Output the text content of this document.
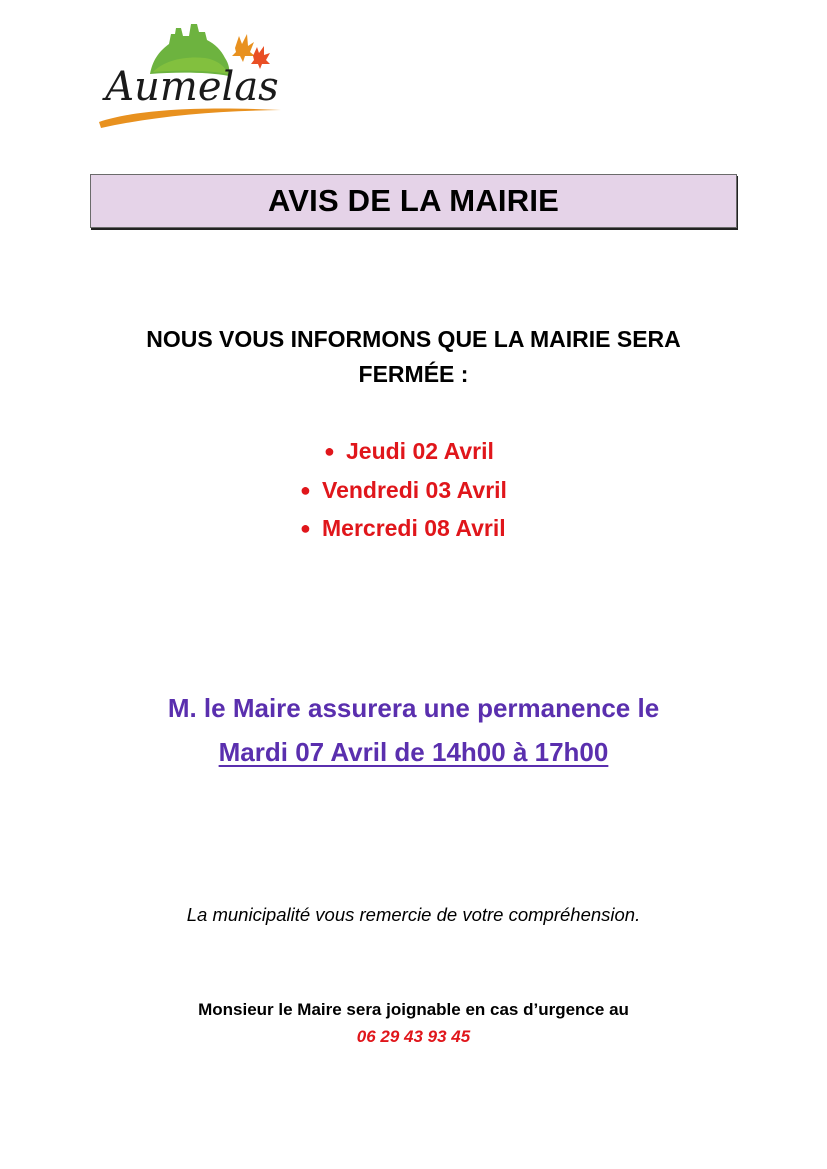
Aumelas
AVIS DE LA MAIRIE
NOUS VOUS INFORMONS QUE LA MAIRIE SERA
FERMÉE :
● Jeudi 02 Avril
● Vendredi 03 Avril
● Mercredi 08 Avril
M. le Maire assurera une permanence le
Mardi 07 Avril de 14h00 à 17h00
La municipalité vous remercie de votre compréhension.
Monsieur le Maire sera joignable en cas d’urgence au
06 29 43 93 45
